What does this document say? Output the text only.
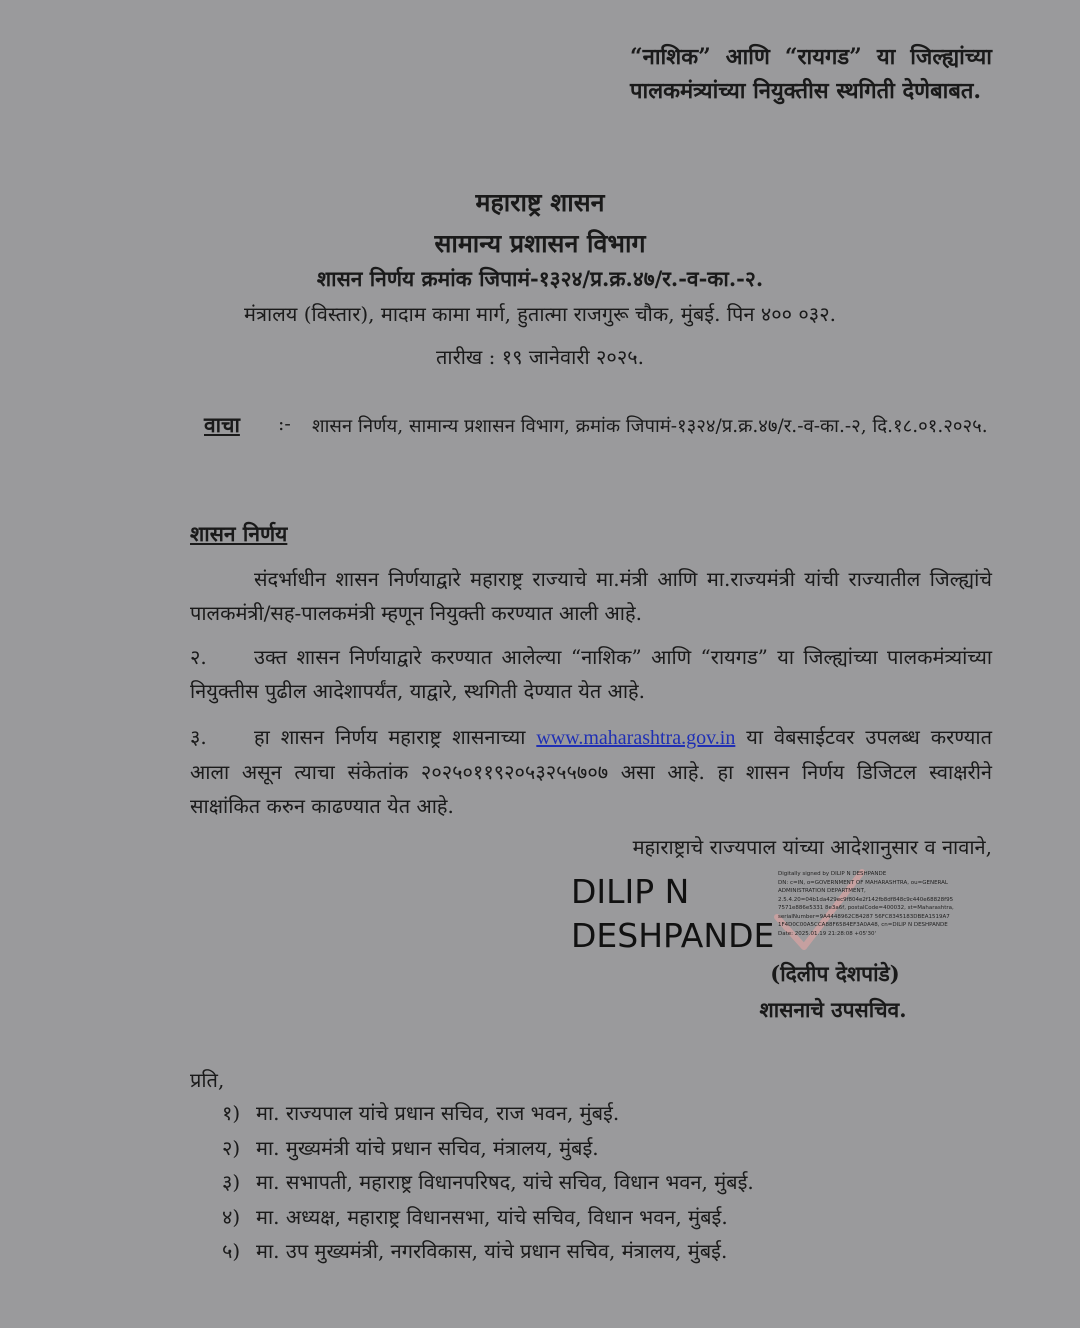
“नाशिक” आणि “रायगड” या जिल्ह्यांच्या पालकमंत्र्यांच्या नियुक्तीस स्थगिती देणेबाबत.
महाराष्ट्र शासन
सामान्य प्रशासन विभाग
शासन निर्णय क्रमांक जिपामं-१३२४/प्र.क्र.४७/र.-व-का.-२.
मंत्रालय (विस्तार), मादाम कामा मार्ग, हुतात्मा राजगुरू चौक, मुंबई. पिन ४०० ०३२.
तारीख : १९ जानेवारी २०२५.
वाचा :- शासन निर्णय, सामान्य प्रशासन विभाग, क्रमांक जिपामं-१३२४/प्र.क्र.४७/र.-व-का.-२, दि.१८.०१.२०२५.
शासन निर्णय
संदर्भाधीन शासन निर्णयाद्वारे महाराष्ट्र राज्याचे मा.मंत्री आणि मा.राज्यमंत्री यांची राज्यातील जिल्ह्यांचे पालकमंत्री/सह-पालकमंत्री म्हणून नियुक्ती करण्यात आली आहे.
२. उक्त शासन निर्णयाद्वारे करण्यात आलेल्या “नाशिक” आणि “रायगड” या जिल्ह्यांच्या पालकमंत्र्यांच्या नियुक्तीस पुढील आदेशापर्यंत, याद्वारे, स्थगिती देण्यात येत आहे.
३. हा शासन निर्णय महाराष्ट्र शासनाच्या www.maharashtra.gov.in या वेबसाईटवर उपलब्ध करण्यात आला असून त्याचा संकेतांक २०२५०११९२०५३२५५७०७ असा आहे. हा शासन निर्णय डिजिटल स्वाक्षरीने साक्षांकित करुन काढण्यात येत आहे.
महाराष्ट्राचे राज्यपाल यांच्या आदेशानुसार व नावाने,
DILIP N
DESHPANDE
Digitally signed by DILIP N DESHPANDE
DN: c=IN, o=GOVERNMENT OF MAHARASHTRA, ou=GENERAL
ADMINISTRATION DEPARTMENT,
2.5.4.20=04b1da429ec9f804e2f142fb8df848c9c440e68828f95
7571e886e5331 8e3a6f, postalCode=400032, st=Maharashtra,
serialNumber=9A4448962CB4287 56FC8345183DBEA1519A7
1F4D0C00A5CCA88F6584EF3A0A48, cn=DILIP N DESHPANDE
Date: 2025.01.19 21:28:08 +05'30'
(दिलीप देशपांडे)
शासनाचे उपसचिव.
प्रति,
१) मा. राज्यपाल यांचे प्रधान सचिव, राज भवन, मुंबई.
२) मा. मुख्यमंत्री यांचे प्रधान सचिव, मंत्रालय, मुंबई.
३) मा. सभापती, महाराष्ट्र विधानपरिषद, यांचे सचिव, विधान भवन, मुंबई.
४) मा. अध्यक्ष, महाराष्ट्र विधानसभा, यांचे सचिव, विधान भवन, मुंबई.
५) मा. उप मुख्यमंत्री, नगरविकास, यांचे प्रधान सचिव, मंत्रालय, मुंबई.
